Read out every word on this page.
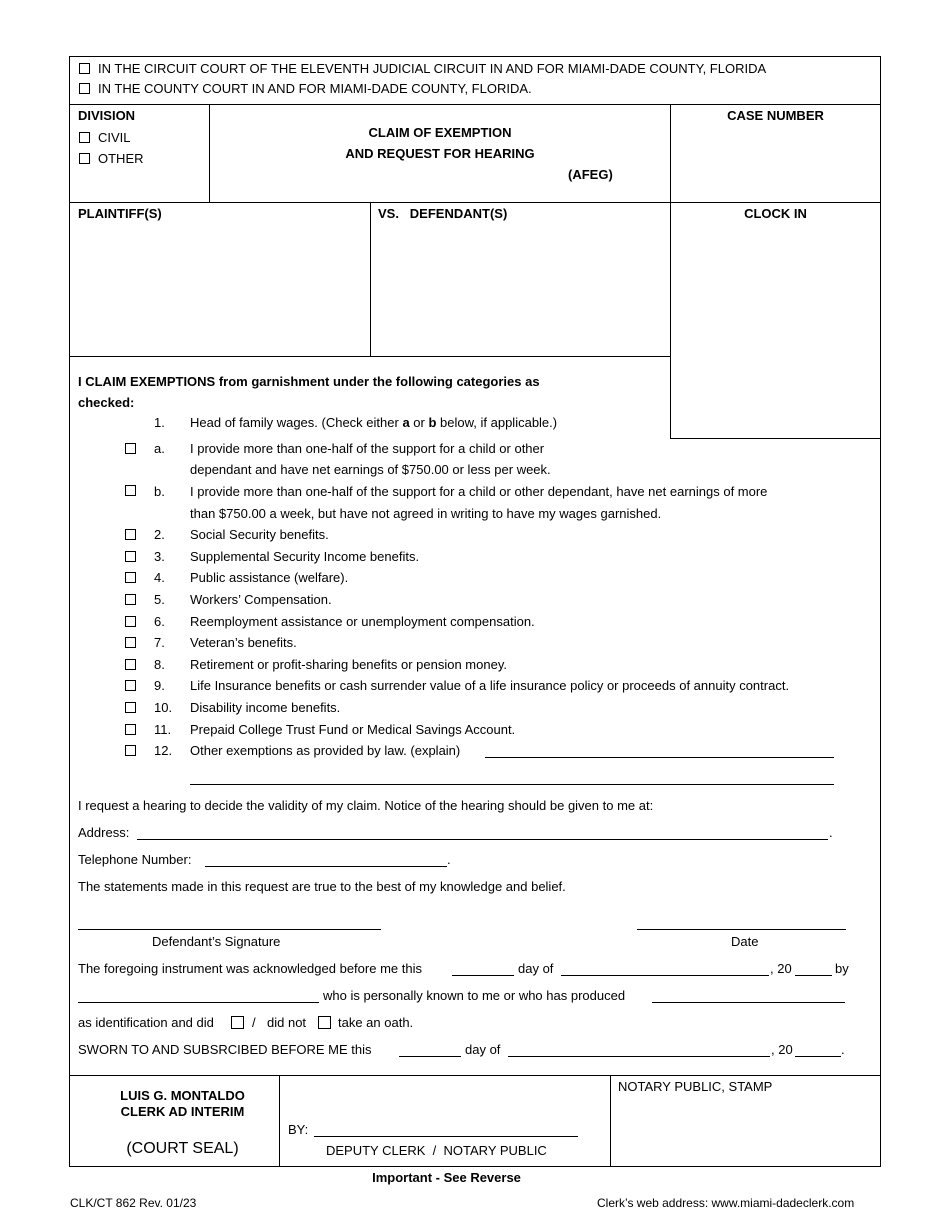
IN THE CIRCUIT COURT OF THE ELEVENTH JUDICIAL CIRCUIT IN AND FOR MIAMI-DADE COUNTY, FLORIDA
IN THE COUNTY COURT IN AND FOR MIAMI-DADE COUNTY, FLORIDA.
DIVISION
CIVIL
OTHER
CLAIM OF EXEMPTION
AND REQUEST FOR HEARING
(AFEG)
CASE NUMBER
PLAINTIFF(S)	VS.   DEFENDANT(S)	CLOCK IN
I CLAIM EXEMPTIONS from garnishment under the following categories as
checked:
1. Head of family wages. (Check either a or b below, if applicable.)
a. I provide more than one-half of the support for a child or other
dependant and have net earnings of $750.00 or less per week.
b. I provide more than one-half of the support for a child or other dependant, have net earnings of more
than $750.00 a week, but have not agreed in writing to have my wages garnished.
2. Social Security benefits.
3. Supplemental Security Income benefits.
4. Public assistance (welfare).
5. Workers’ Compensation.
6. Reemployment assistance or unemployment compensation.
7. Veteran’s benefits.
8. Retirement or profit-sharing benefits or pension money.
9. Life Insurance benefits or cash surrender value of a life insurance policy or proceeds of annuity contract.
10. Disability income benefits.
11. Prepaid College Trust Fund or Medical Savings Account.
12. Other exemptions as provided by law. (explain)
I request a hearing to decide the validity of my claim. Notice of the hearing should be given to me at:
Address:	.
Telephone Number:	.
The statements made in this request are true to the best of my knowledge and belief.
Defendant’s Signature	Date
The foregoing instrument was acknowledged before me this	day of	, 20	by
who is personally known to me or who has produced
as identification and did	/ did not take an oath.
SWORN TO AND SUBSRCIBED BEFORE ME this	day of	, 20	.
LUIS G. MONTALDO
CLERK AD INTERIM
(COURT SEAL)
BY:
DEPUTY CLERK  /  NOTARY PUBLIC
NOTARY PUBLIC, STAMP
Important - See Reverse
CLK/CT 862 Rev. 01/23	Clerk’s web address: www.miami-dadeclerk.com
